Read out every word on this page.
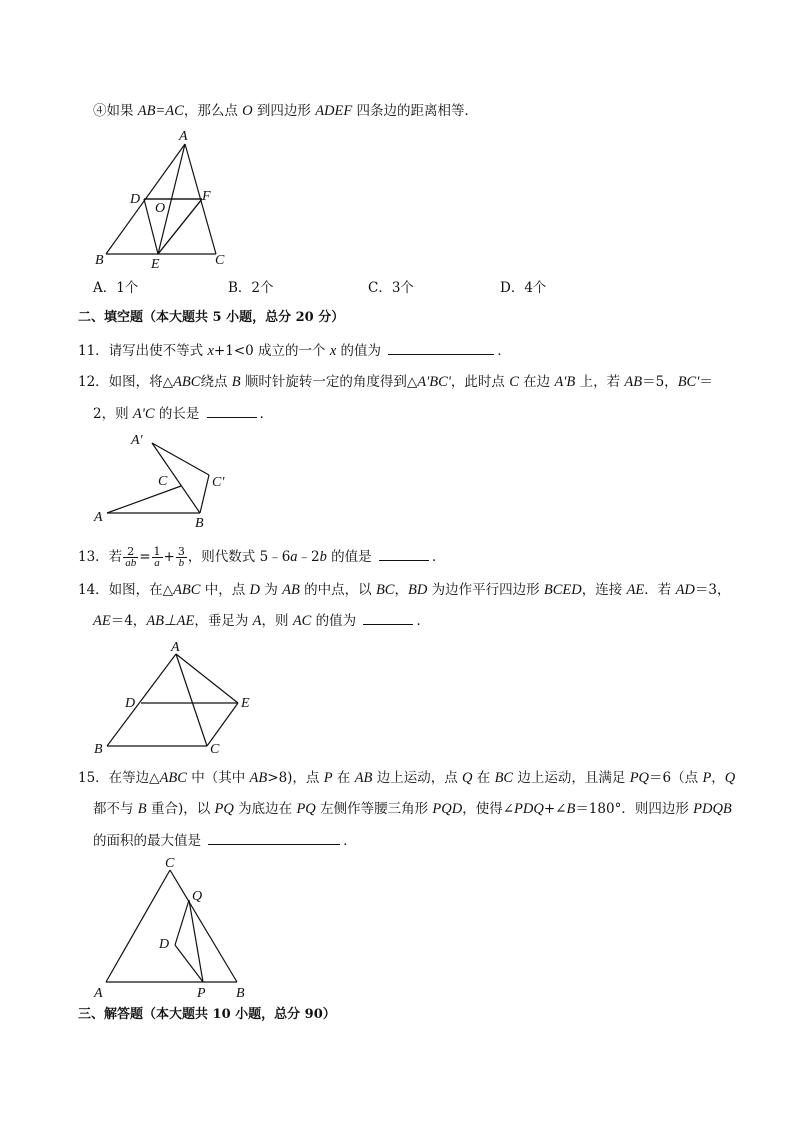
④如果 AB=AC，那么点 O 到四边形 ADEF 四条边的距离相等．
A
D	F
O
B	E	C
A．1个	B．2个	C．3个	D．4个
二、填空题（本大题共 5 小题，总分 20 分）
11．请写出使不等式 x+1<0 成立的一个 x 的值为	．
12．如图，将△ABC绕点 B 顺时针旋转一定的角度得到△A'BC'，此时点 C 在边 A'B 上，若 AB＝5，BC'＝
2，则 A'C 的长是	．
A′
C	C′
A	B
13．若 $\frac{2}{ab} = \frac{1}{a} + \frac{3}{b}$ ，则代数式 5﹣6a﹣2b 的值是	．
14．如图，在△ABC 中，点 D 为 AB 的中点，以 BC，BD 为边作平行四边形 BCED，连接 AE．若 AD＝3，
AE＝4，AB⊥AE，垂足为 A，则 AC 的值为	．
A
D	E
B	C
15．在等边△ABC 中（其中 AB>8)，点 P 在 AB 边上运动，点 Q 在 BC 边上运动，且满足 PQ＝6（点 P，Q
都不与 B 重合)，以 PQ 为底边在 PQ 左侧作等腰三角形 PQD，使得∠PDQ+∠B＝180°．则四边形 PDQB
的面积的最大值是	．
C
Q
D
A	P B
三、解答题（本大题共 10 小题，总分 90）
